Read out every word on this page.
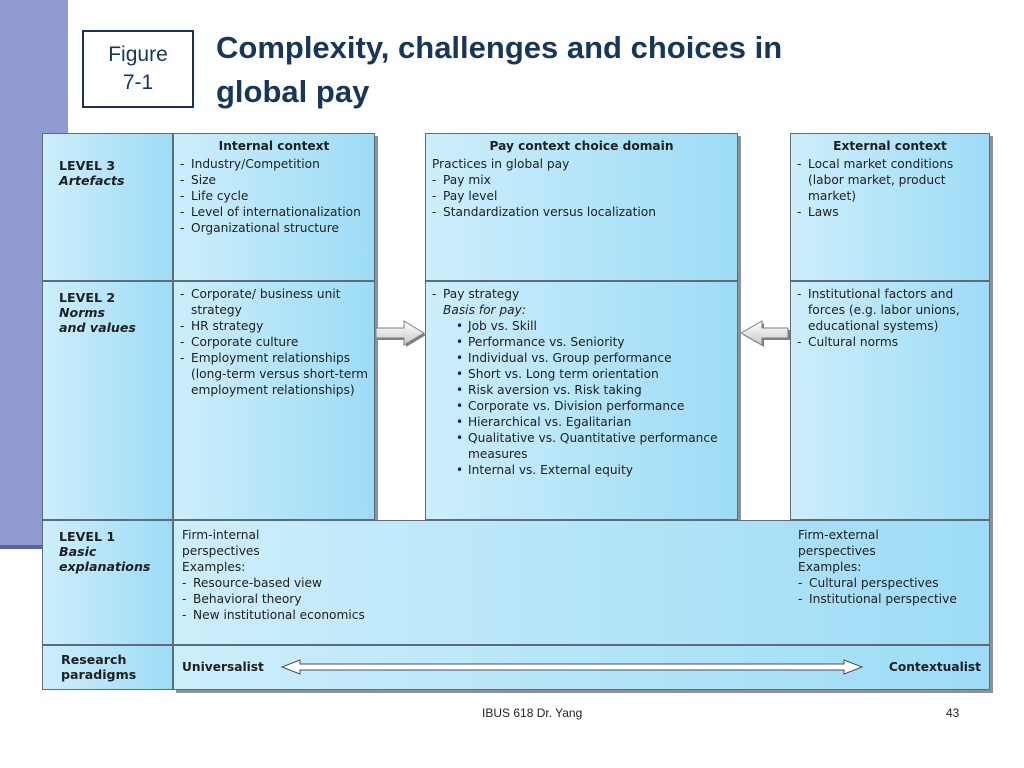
Figure
7-1
Complexity, challenges and choices in
global pay
LEVEL 3
Artefacts
LEVEL 2
Norms
and values
LEVEL 1
Basic
explanations
Research
paradigms
Internal context
- Industry/Competition
- Size
- Life cycle
- Level of internationalization
- Organizational structure
- Corporate/ business unit strategy
- HR strategy
- Corporate culture
- Employment relationships (long-term versus short-term employment relationships)
Pay context choice domain
Practices in global pay
- Pay mix
- Pay level
- Standardization versus localization
- Pay strategy
Basis for pay:
• Job vs. Skill
• Performance vs. Seniority
• Individual vs. Group performance
• Short vs. Long term orientation
• Risk aversion vs. Risk taking
• Corporate vs. Division performance
• Hierarchical vs. Egalitarian
• Qualitative vs. Quantitative performance measures
• Internal vs. External equity
External context
- Local market conditions (labor market, product market)
- Laws
- Institutional factors and forces (e.g. labor unions, educational systems)
- Cultural norms
Firm-internal
perspectives
Examples:
- Resource-based view
- Behavioral theory
- New institutional economics
Firm-external
perspectives
Examples:
- Cultural perspectives
- Institutional perspective
Universalist	Contextualist
IBUS 618 Dr. Yang	43
